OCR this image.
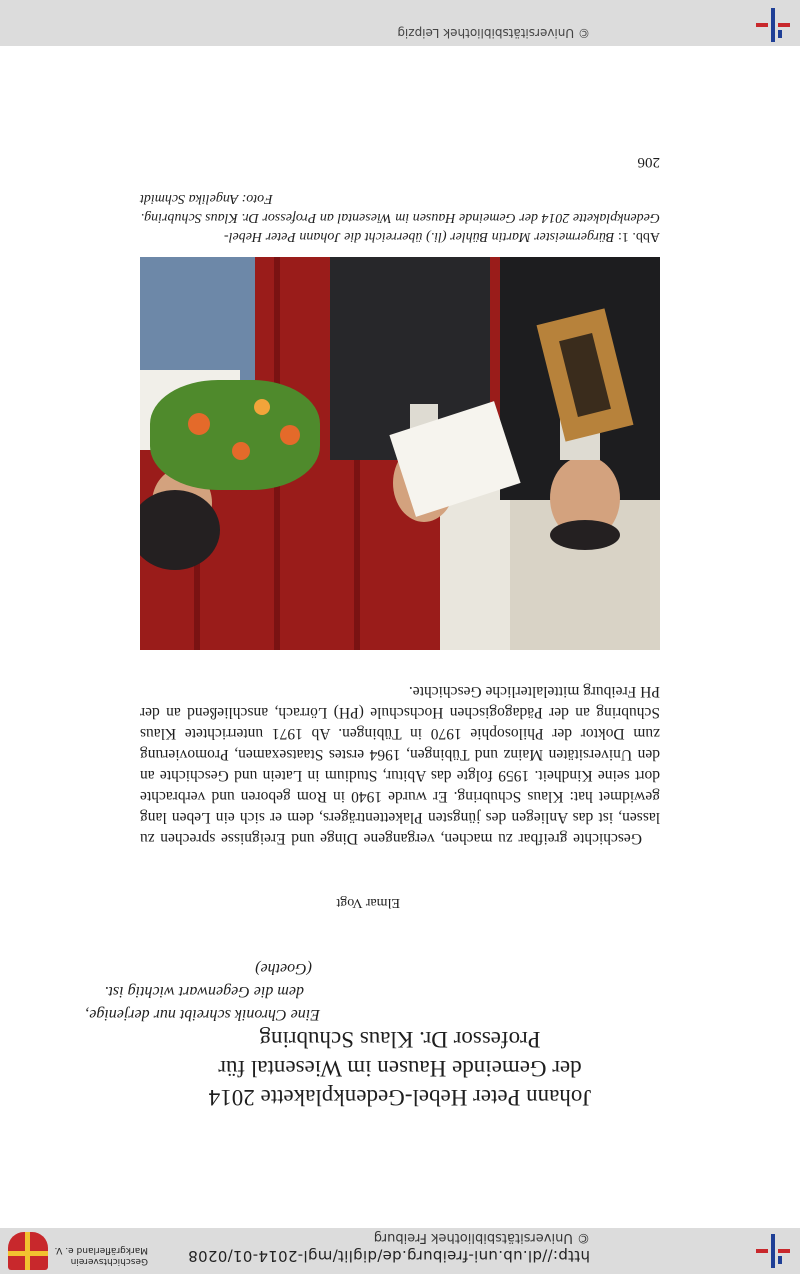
http://dl.ub.uni-freiburg.de/diglit/mgl-2014-01/0208
© Universitätsbibliothek Freiburg
Geschichtsverein
Markgräflerland e. V.
Johann Peter Hebel-Gedenkplakette 2014
der Gemeinde Hausen im Wiesental für
Professor Dr. Klaus Schubring
Eine Chronik schreibt nur derjenige,
dem die Gegenwart wichtig ist.
(Goethe)
Elmar Vogt
Geschichte greifbar zu machen, vergangene Dinge und Ereignisse sprechen zu lassen, ist das Anliegen des jüngsten Plakettenträgers, dem er sich ein Leben lang gewidmet hat: Klaus Schubring. Er wurde 1940 in Rom geboren und verbrachte dort seine Kindheit. 1959 folgte das Abitur, Studium in Latein und Geschichte an den Universitäten Mainz und Tübingen, 1964 erstes Staatsexamen, Promovierung zum Doktor der Philosophie 1970 in Tübingen. Ab 1971 unterrichtete Klaus Schubring an der Pädagogischen Hochschule (PH) Lörrach, anschließend an der PH Freiburg mittelalterliche Geschichte.
Abb. 1: Bürgermeister Martin Bühler (li.) überreicht die Johann Peter Hebel-Gedenkplakette 2014 der Gemeinde Hausen im Wiesental an Professor Dr. Klaus Schubring.
Foto: Angelika Schmidt
206
© Universitätsbibliothek Leipzig
